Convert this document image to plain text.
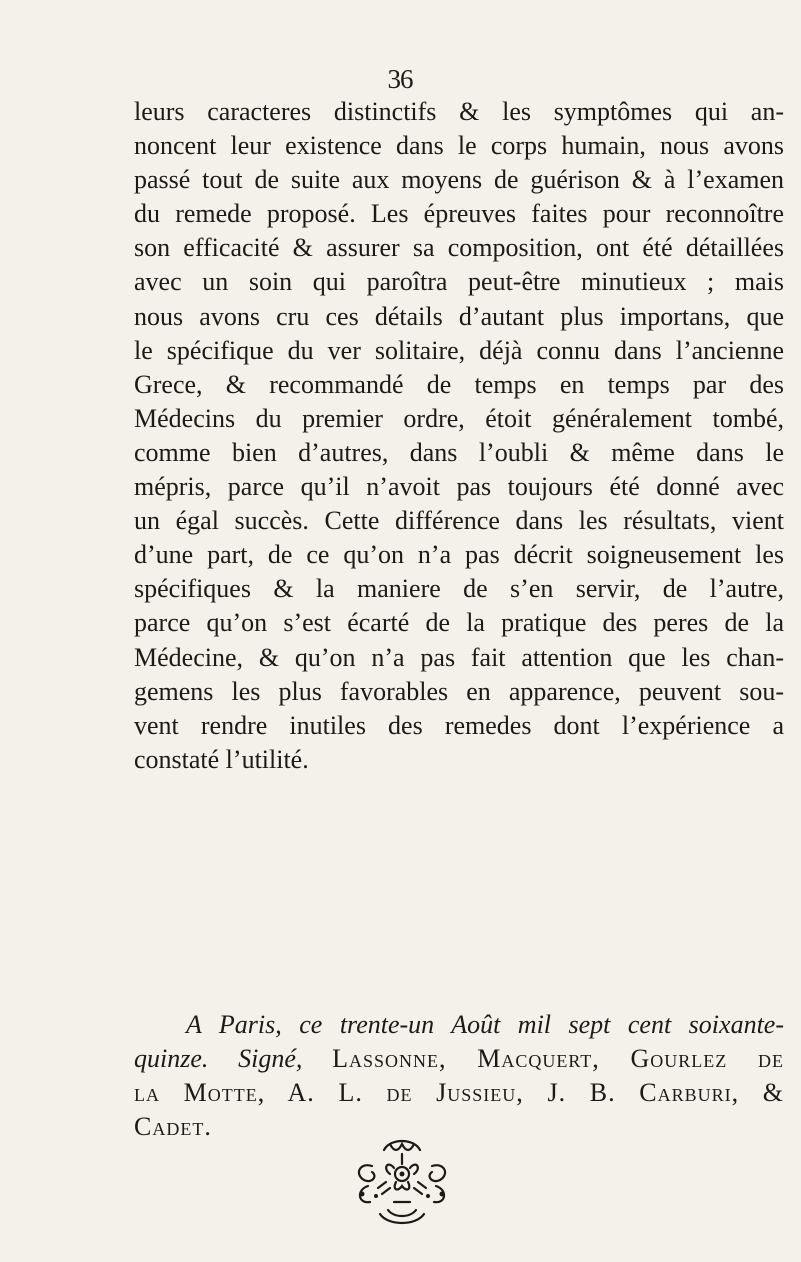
36
leurs caracteres distinctifs & les symptômes qui an-
noncent leur existence dans le corps humain, nous avons
passé tout de suite aux moyens de guérison & à l’examen
du remede proposé. Les épreuves faites pour reconnoître
son efficacité & assurer sa composition, ont été détaillées
avec un soin qui paroîtra peut-être minutieux ; mais
nous avons cru ces détails d’autant plus importans, que
le spécifique du ver solitaire, déjà connu dans l’ancienne
Grece, & recommandé de temps en temps par des
Médecins du premier ordre, étoit généralement tombé,
comme bien d’autres, dans l’oubli & même dans le
mépris, parce qu’il n’avoit pas toujours été donné avec
un égal succès. Cette différence dans les résultats, vient
d’une part, de ce qu’on n’a pas décrit soigneusement les
spécifiques & la maniere de s’en servir, de l’autre,
parce qu’on s’est écarté de la pratique des peres de la
Médecine, & qu’on n’a pas fait attention que les chan-
gemens les plus favorables en apparence, peuvent sou-
vent rendre inutiles des remedes dont l’expérience a
constaté l’utilité.
A Paris, ce trente-un Août mil sept cent soixante-
quinze. Signé, Lassonne, Macquert, Gourlez de
la Motte, A. L. de Jussieu, J. B. Carburi, &
Cadet.
